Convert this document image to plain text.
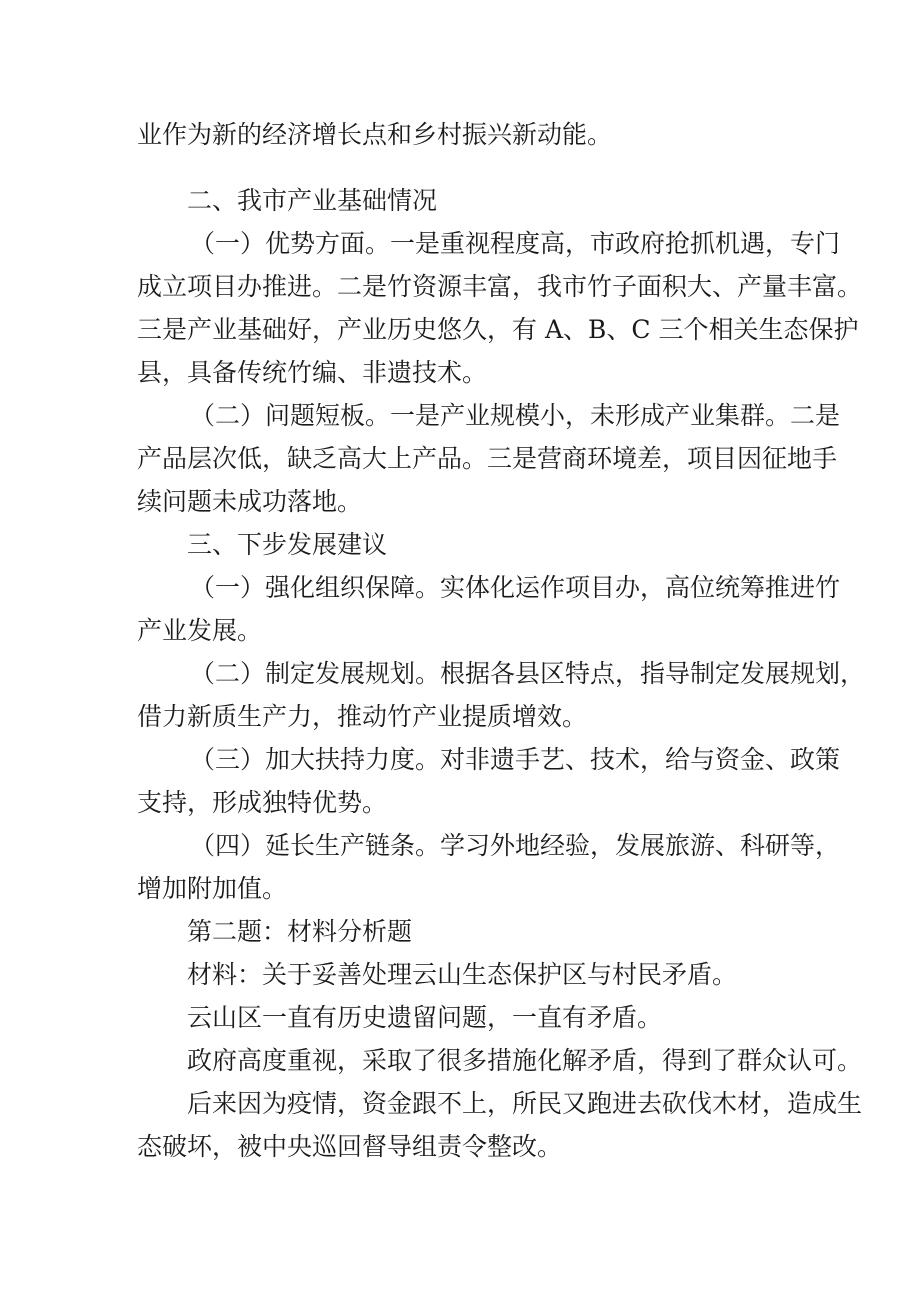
业作为新的经济增长点和乡村振兴新动能。
二、我市产业基础情况
（一）优势方面。一是重视程度高，市政府抢抓机遇，专门
成立项目办推进。二是竹资源丰富，我市竹子面积大、产量丰富。
三是产业基础好，产业历史悠久，有 A、B、C 三个相关生态保护
县，具备传统竹编、非遗技术。
（二）问题短板。一是产业规模小，未形成产业集群。二是
产品层次低，缺乏高大上产品。三是营商环境差，项目因征地手
续问题未成功落地。
三、下步发展建议
（一）强化组织保障。实体化运作项目办，高位统筹推进竹
产业发展。
（二）制定发展规划。根据各县区特点，指导制定发展规划，
借力新质生产力，推动竹产业提质增效。
（三）加大扶持力度。对非遗手艺、技术，给与资金、政策
支持，形成独特优势。
（四）延长生产链条。学习外地经验，发展旅游、科研等，
增加附加值。
第二题：材料分析题
材料：关于妥善处理云山生态保护区与村民矛盾。
云山区一直有历史遗留问题，一直有矛盾。
政府高度重视，采取了很多措施化解矛盾，得到了群众认可。
后来因为疫情，资金跟不上，所民又跑进去砍伐木材，造成生
态破坏，被中央巡回督导组责令整改。
